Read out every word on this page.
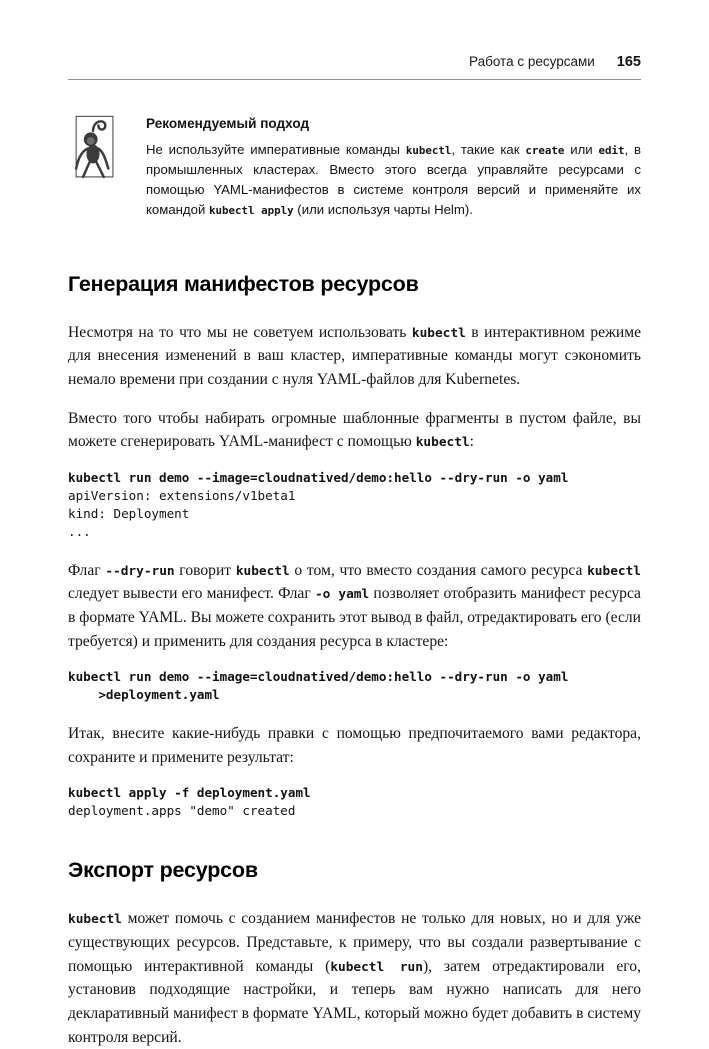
Работа с ресурсами 165
Рекомендуемый подход
Не используйте императивные команды kubectl, такие как create или edit, в промышленных кластерах. Вместо этого всегда управляйте ресурсами с помощью YAML-манифестов в системе контроля версий и применяйте их командой kubectl apply (или используя чарты Helm).
Генерация манифестов ресурсов

Несмотря на то что мы не советуем использовать kubectl в интерактивном режиме для внесения изменений в ваш кластер, императивные команды могут сэкономить немало времени при создании с нуля YAML-файлов для Kubernetes.

Вместо того чтобы набирать огромные шаблонные фрагменты в пустом файле, вы можете сгенерировать YAML-манифест с помощью kubectl:

kubectl run demo --image=cloudnatived/demo:hello --dry-run -o yaml
apiVersion: extensions/v1beta1
kind: Deployment
...

Флаг --dry-run говорит kubectl о том, что вместо создания самого ресурса kubectl следует вывести его манифест. Флаг -o yaml позволяет отобразить манифест ресурса в формате YAML. Вы можете сохранить этот вывод в файл, отредактировать его (если требуется) и применить для создания ресурса в кластере:

kubectl run demo --image=cloudnatived/demo:hello --dry-run -o yaml
>deployment.yaml

Итак, внесите какие-нибудь правки с помощью предпочитаемого вами редактора, сохраните и примените результат:

kubectl apply -f deployment.yaml
deployment.apps "demo" created
Экспорт ресурсов

kubectl может помочь с созданием манифестов не только для новых, но и для уже существующих ресурсов. Представьте, к примеру, что вы создали развертывание с помощью интерактивной команды (kubectl run), затем отредактировали его, установив подходящие настройки, и теперь вам нужно написать для него декларативный манифест в формате YAML, который можно будет добавить в систему контроля версий.
